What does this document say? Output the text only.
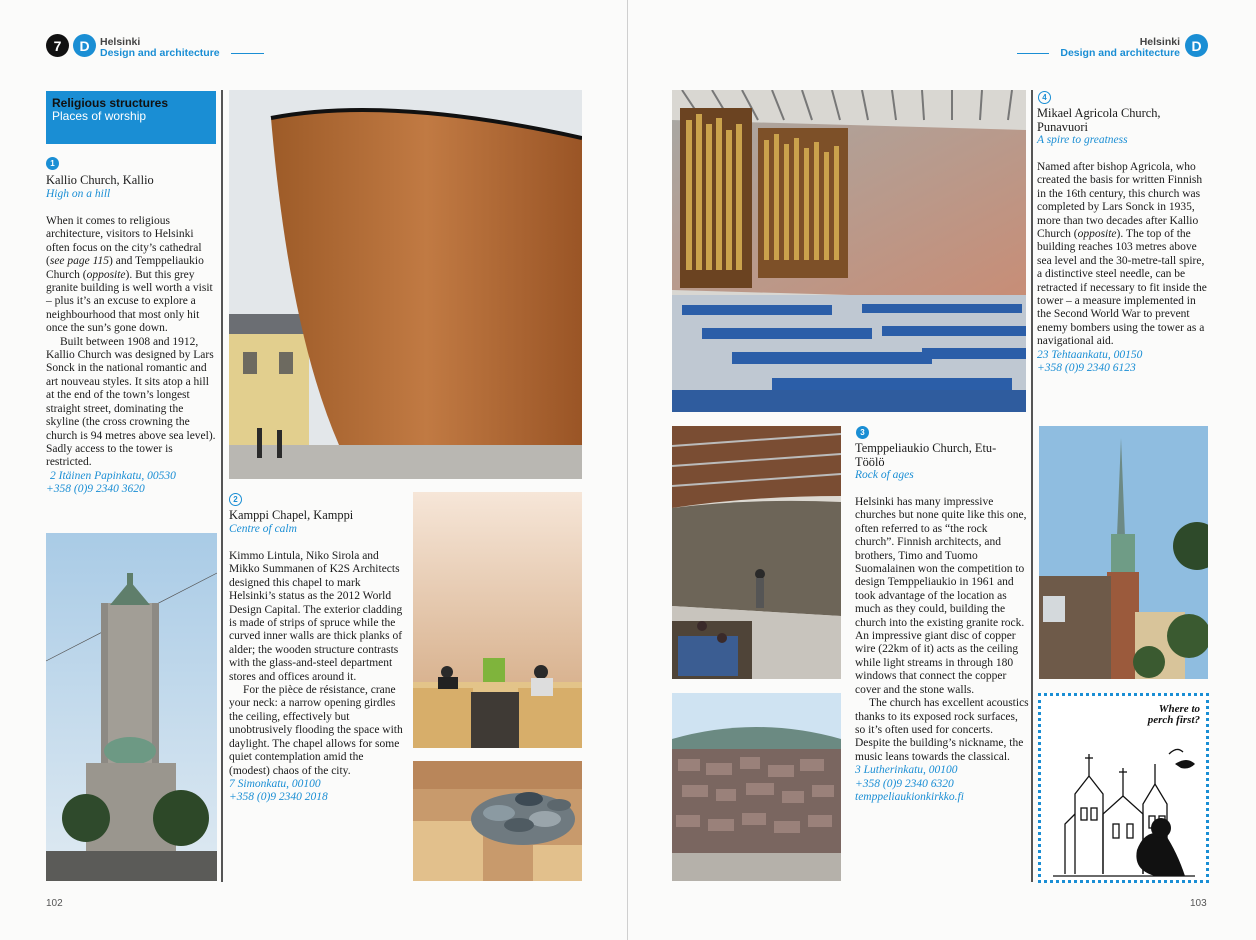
7 D Helsinki
Design and architecture
Religious structures
Places of worship
1
Kallio Church, Kallio
High on a hill

When it comes to religious architecture, visitors to Helsinki often focus on the city’s cathedral (see page 115) and Temppeliaukio Church (opposite). But this grey granite building is well worth a visit – plus it’s an excuse to explore a neighbourhood that most only hit once the sun’s gone down.

Built between 1908 and 1912, Kallio Church was designed by Lars Sonck in the national romantic and art nouveau styles. It sits atop a hill at the end of the town’s longest straight street, dominating the skyline (the cross crowning the church is 94 metres above sea level). Sadly access to the tower is restricted.

2 Itäinen Papinkatu, 00530

+358 (0)9 2340 3620

2
Kamppi Chapel, Kamppi
Centre of calm

Kimmo Lintula, Niko Sirola and Mikko Summanen of K2S Architects designed this chapel to mark Helsinki’s status as the 2012 World Design Capital. The exterior cladding is made of strips of spruce while the curved inner walls are thick planks of alder; the wooden structure contrasts with the glass-and-steel department stores and offices around it.

For the pièce de résistance, crane your neck: a narrow opening girdles the ceiling, effectively but unobtrusively flooding the space with daylight. The chapel allows for some quiet contemplation amid the (modest) chaos of the city.

7 Simonkatu, 00100

+358 (0)9 2340 2018

102
Helsinki
Design and architecture D
3
Temppeliaukio Church, Etu-Töölö
Rock of ages

Helsinki has many impressive churches but none quite like this one, often referred to as “the rock church”. Finnish architects, and brothers, Timo and Tuomo Suomalainen won the competition to design Temppeliaukio in 1961 and took advantage of the location as much as they could, building the church into the existing granite rock. An impressive giant disc of copper wire (22km of it) acts as the ceiling while light streams in through 180 windows that connect the copper cover and the stone walls.

The church has excellent acoustics thanks to its exposed rock surfaces, so it’s often used for concerts. Despite the building’s nickname, the music leans towards the classical.

3 Lutherinkatu, 00100

+358 (0)9 2340 6320

temppeliaukionkirkko.fi

4
Mikael Agricola Church, Punavuori
A spire to greatness

Named after bishop Agricola, who created the basis for written Finnish in the 16th century, this church was completed by Lars Sonck in 1935, more than two decades after Kallio Church (opposite). The top of the building reaches 103 metres above sea level and the 30-metre-tall spire, a distinctive steel needle, can be retracted if necessary to fit inside the tower – a measure implemented in the Second World War to prevent enemy bombers using the tower as a navigational aid.

23 Tehtaankatu, 00150

+358 (0)9 2340 6123

Where to
perch first?
103
